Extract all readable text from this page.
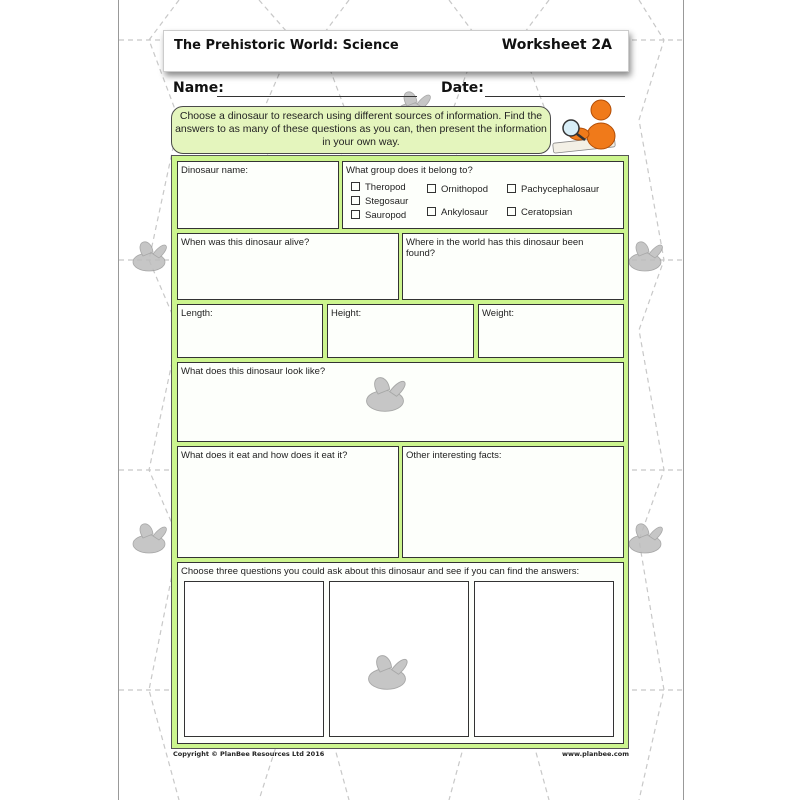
The Prehistoric World: Science	Worksheet 2A
Name:	Date:
Choose a dinosaur to research using different sources of information. Find the answers to as many of these questions as you can, then present the information in your own way.
Dinosaur name:	What group does it belong to?
Theropod
Stegosaur
Sauropod
Ornithopod
Ankylosaur
Pachycephalosaur
Ceratopsian
When was this dinosaur alive?	Where in the world has this dinosaur been found?
Length:	Height:	Weight:
What does this dinosaur look like?
What does it eat and how does it eat it?	Other interesting facts:
Choose three questions you could ask about this dinosaur and see if you can find the answers:
Copyright © PlanBee Resources Ltd 2016	www.planbee.com
